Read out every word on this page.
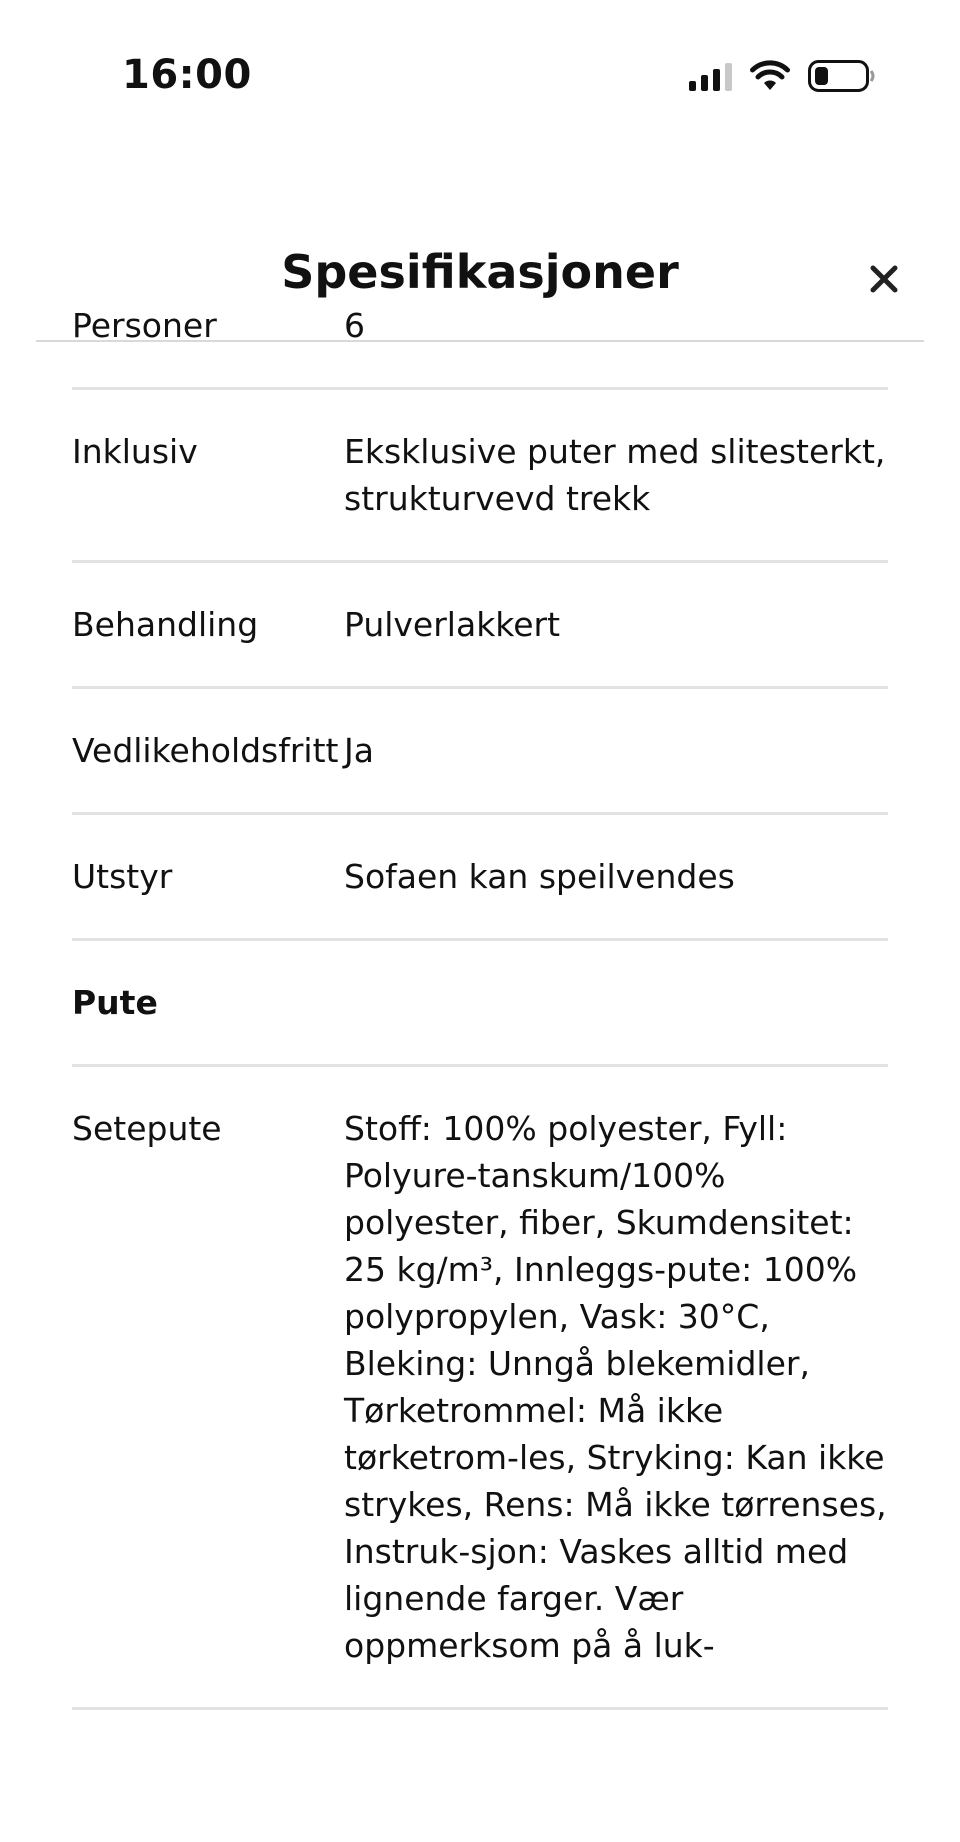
16:00
Spesifikasjoner
Personer	6
Inklusiv	Eksklusive puter med slitesterkt, strukturvevd trekk
Behandling	Pulverlakkert
Vedlikeholdsfritt Ja
Utstyr	Sofaen kan speilvendes
Pute
Setepute	Stoff: 100% polyester, Fyll: Polyure-tanskum/100% polyester, fiber, Skumdensitet: 25 kg/m³, Innleggs-pute: 100% polypropylen, Vask: 30°C, Bleking: Unngå blekemidler, Tørketrommel: Må ikke tørketrom-les, Stryking: Kan ikke strykes, Rens: Må ikke tørrenses, Instruk-sjon: Vaskes alltid med lignende farger. Vær oppmerksom på å luk-
